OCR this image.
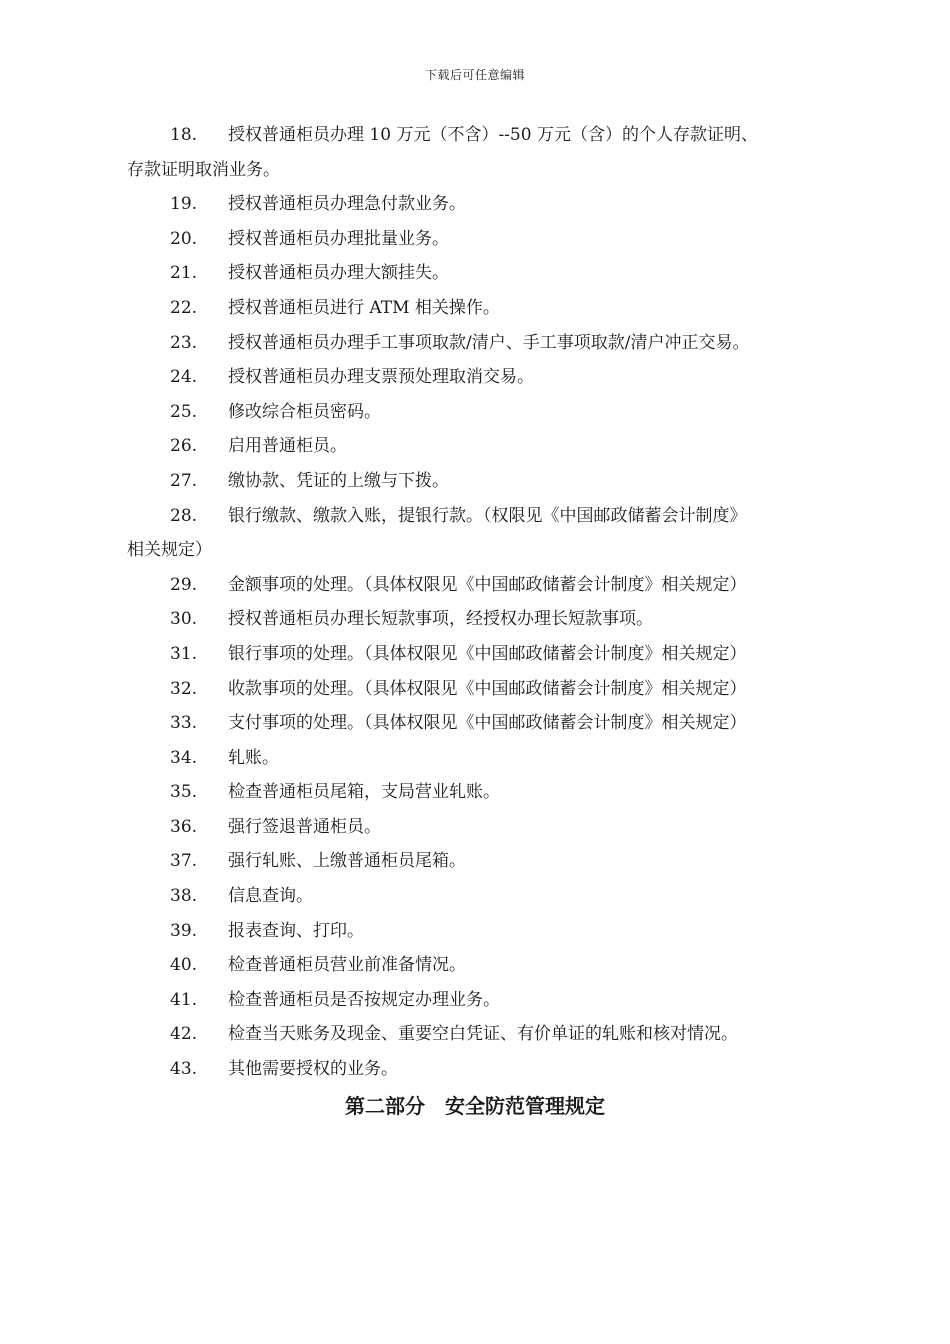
下载后可任意编辑
18.	授权普通柜员办理 10 万元（不含）--50 万元（含）的个人存款证明、
存款证明取消业务。
19.	授权普通柜员办理急付款业务。
20.	授权普通柜员办理批量业务。
21.	授权普通柜员办理大额挂失。
22.	授权普通柜员进行 ATM 相关操作。
23.	授权普通柜员办理手工事项取款/清户、手工事项取款/清户冲正交易。
24.	授权普通柜员办理支票预处理取消交易。
25.	修改综合柜员密码。
26.	启用普通柜员。
27.	缴协款、凭证的上缴与下拨。
28.	银行缴款、缴款入账，提银行款。（权限见《中国邮政储蓄会计制度》
相关规定）
29.	金额事项的处理。（具体权限见《中国邮政储蓄会计制度》相关规定）
30.	授权普通柜员办理长短款事项，经授权办理长短款事项。
31.	银行事项的处理。（具体权限见《中国邮政储蓄会计制度》相关规定）
32.	收款事项的处理。（具体权限见《中国邮政储蓄会计制度》相关规定）
33.	支付事项的处理。（具体权限见《中国邮政储蓄会计制度》相关规定）
34.	轧账。
35.	检查普通柜员尾箱，支局营业轧账。
36.	强行签退普通柜员。
37.	强行轧账、上缴普通柜员尾箱。
38.	信息查询。
39.	报表查询、打印。
40.	检查普通柜员营业前准备情况。
41.	检查普通柜员是否按规定办理业务。
42.	检查当天账务及现金、重要空白凭证、有价单证的轧账和核对情况。
43.	其他需要授权的业务。
第二部分　安全防范管理规定
